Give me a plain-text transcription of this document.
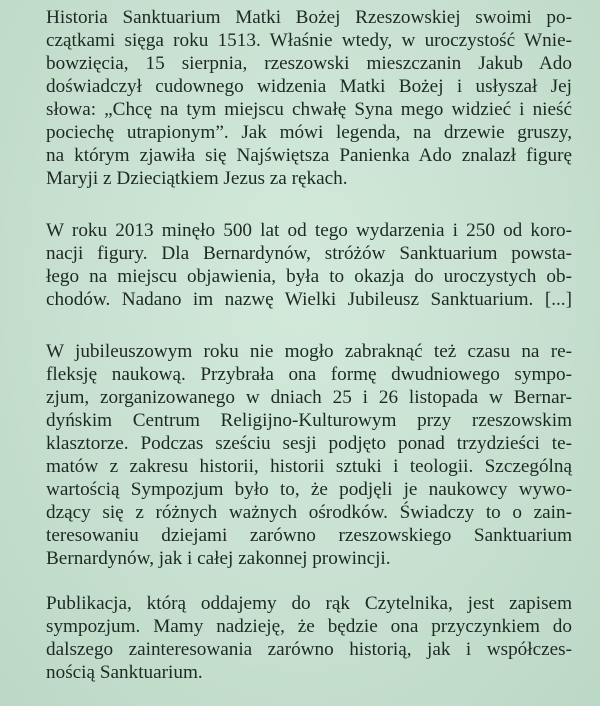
Historia Sanktuarium Matki Bożej Rzeszowskiej swoimi po-
czątkami sięga roku 1513. Właśnie wtedy, w uroczystość Wnie-
bowzięcia, 15 sierpnia, rzeszowski mieszczanin Jakub Ado
doświadczył cudownego widzenia Matki Bożej i usłyszał Jej
słowa: „Chcę na tym miejscu chwałę Syna mego widzieć i nieść
pociechę utrapionym”. Jak mówi legenda, na drzewie gruszy,
na którym zjawiła się Najświętsza Panienka Ado znalazł figurę
Maryji z Dzieciątkiem Jezus za rękach.
W roku 2013 minęło 500 lat od tego wydarzenia i 250 od koro-
nacji figury. Dla Bernardynów, stróżów Sanktuarium powsta-
łego na miejscu objawienia, była to okazja do uroczystych ob-
chodów. Nadano im nazwę Wielki Jubileusz Sanktuarium. [...]
W jubileuszowym roku nie mogło zabraknąć też czasu na re-
fleksję naukową. Przybrała ona formę dwudniowego sympo-
zjum, zorganizowanego w dniach 25 i 26 listopada w Bernar-
dyńskim Centrum Religijno-Kulturowym przy rzeszowskim
klasztorze. Podczas sześciu sesji podjęto ponad trzydzieści te-
matów z zakresu historii, historii sztuki i teologii. Szczególną
wartością Sympozjum było to, że podjęli je naukowcy wywo-
dzący się z różnych ważnych ośrodków. Świadczy to o zain-
teresowaniu dziejami zarówno rzeszowskiego Sanktuarium
Bernardynów, jak i całej zakonnej prowincji.
Publikacja, którą oddajemy do rąk Czytelnika, jest zapisem
sympozjum. Mamy nadzieję, że będzie ona przyczynkiem do
dalszego zainteresowania zarówno historią, jak i współczes-
nością Sanktuarium.
